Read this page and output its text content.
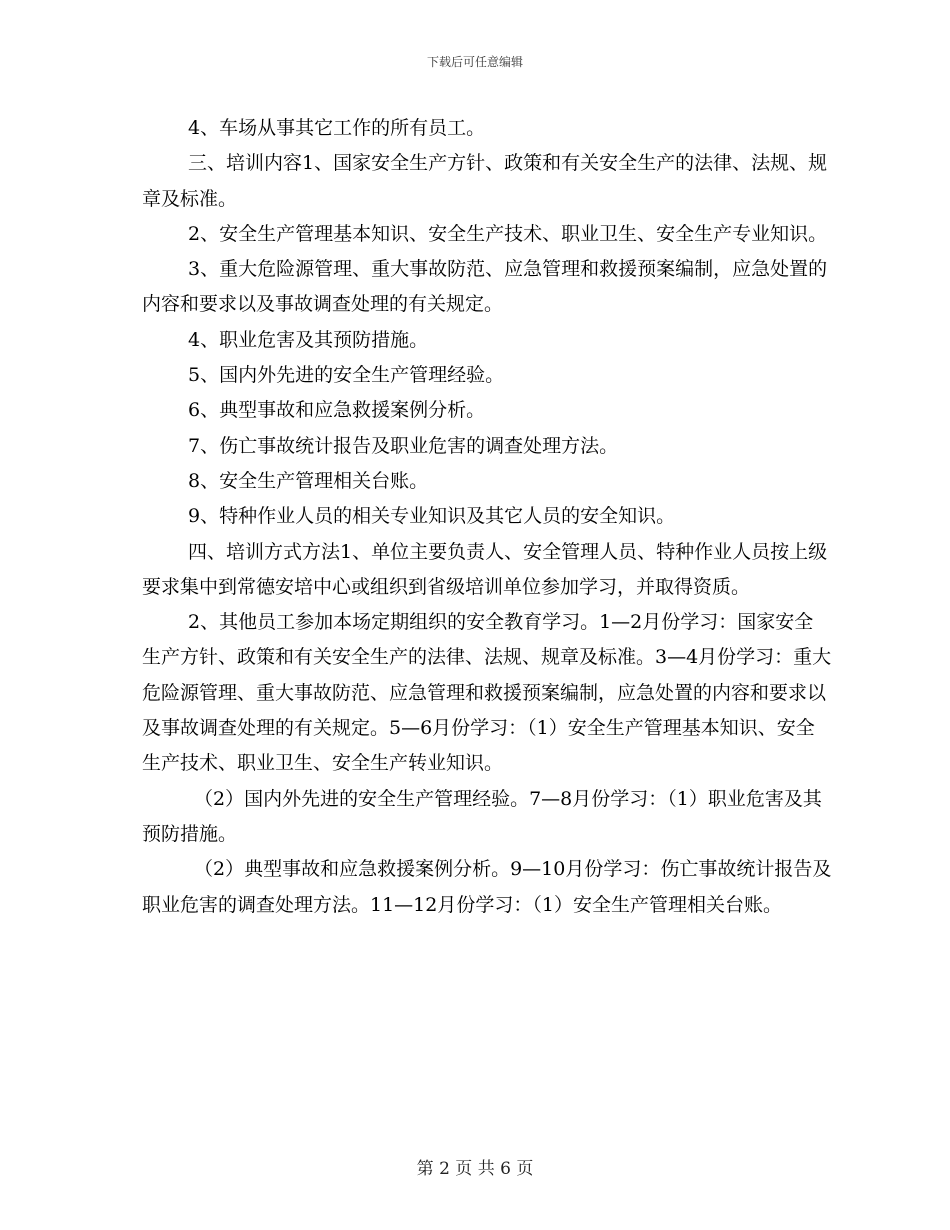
下载后可任意编辑

4、车场从事其它工作的所有员工。

三、培训内容1、国家安全生产方针、政策和有关安全生产的法律、法规、规章及标准。

2、安全生产管理基本知识、安全生产技术、职业卫生、安全生产专业知识。

3、重大危险源管理、重大事故防范、应急管理和救援预案编制，应急处置的内容和要求以及事故调查处理的有关规定。

4、职业危害及其预防措施。

5、国内外先进的安全生产管理经验。

6、典型事故和应急救援案例分析。

7、伤亡事故统计报告及职业危害的调查处理方法。

8、安全生产管理相关台账。

9、特种作业人员的相关专业知识及其它人员的安全知识。

四、培训方式方法1、单位主要负责人、安全管理人员、特种作业人员按上级要求集中到常德安培中心或组织到省级培训单位参加学习，并取得资质。

2、其他员工参加本场定期组织的安全教育学习。1—2月份学习：国家安全生产方针、政策和有关安全生产的法律、法规、规章及标准。3—4月份学习：重大危险源管理、重大事故防范、应急管理和救援预案编制，应急处置的内容和要求以及事故调查处理的有关规定。5—6月份学习：（1）安全生产管理基本知识、安全生产技术、职业卫生、安全生产转业知识。

（2）国内外先进的安全生产管理经验。7—8月份学习：（1）职业危害及其预防措施。

（2）典型事故和应急救援案例分析。9—10月份学习：伤亡事故统计报告及职业危害的调查处理方法。11—12月份学习：（1）安全生产管理相关台账。

第 2 页 共 6 页
